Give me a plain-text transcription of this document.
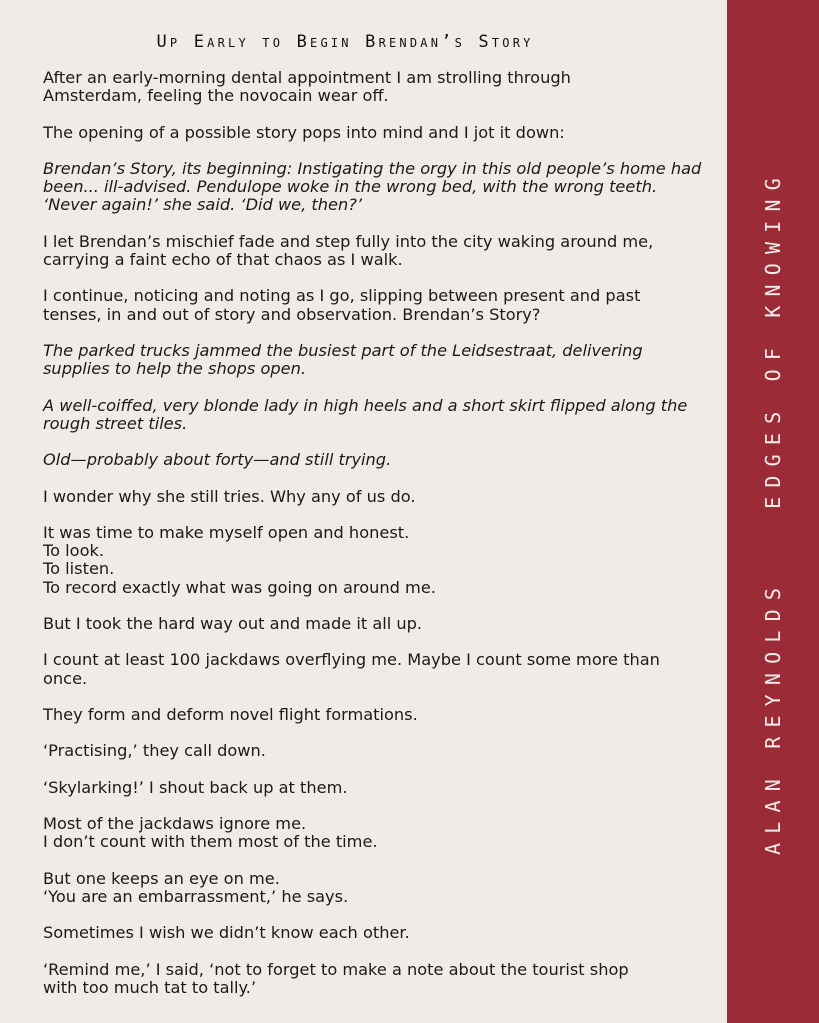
Up Early to Begin Brendan’s Story

After an early-morning dental appointment I am strolling through
Amsterdam, feeling the novocain wear off.

The opening of a possible story pops into mind and I jot it down:

Brendan’s Story, its beginning: Instigating the orgy in this old people’s home had
been... ill-advised. Pendulope woke in the wrong bed, with the wrong teeth.
‘Never again!’ she said. ‘Did we, then?’

I let Brendan’s mischief fade and step fully into the city waking around me,
carrying a faint echo of that chaos as I walk.

I continue, noticing and noting as I go, slipping between present and past
tenses, in and out of story and observation. Brendan’s Story?

The parked trucks jammed the busiest part of the Leidsestraat, delivering
supplies to help the shops open.

A well-coiffed, very blonde lady in high heels and a short skirt flipped along the
rough street tiles.

Old—probably about forty—and still trying.

I wonder why she still tries. Why any of us do.

It was time to make myself open and honest.
To look.
To listen.
To record exactly what was going on around me.

But I took the hard way out and made it all up.

I count at least 100 jackdaws overflying me. Maybe I count some more than
once.

They form and deform novel flight formations.

‘Practising,’ they call down.

‘Skylarking!’ I shout back up at them.

Most of the jackdaws ignore me.
I don’t count with them most of the time.

But one keeps an eye on me.
‘You are an embarrassment,’ he says.

Sometimes I wish we didn’t know each other.

‘Remind me,’ I said, ‘not to forget to make a note about the tourist shop
with too much tat to tally.’

ALAN REYNOLDSEDGES OF KNOWING
